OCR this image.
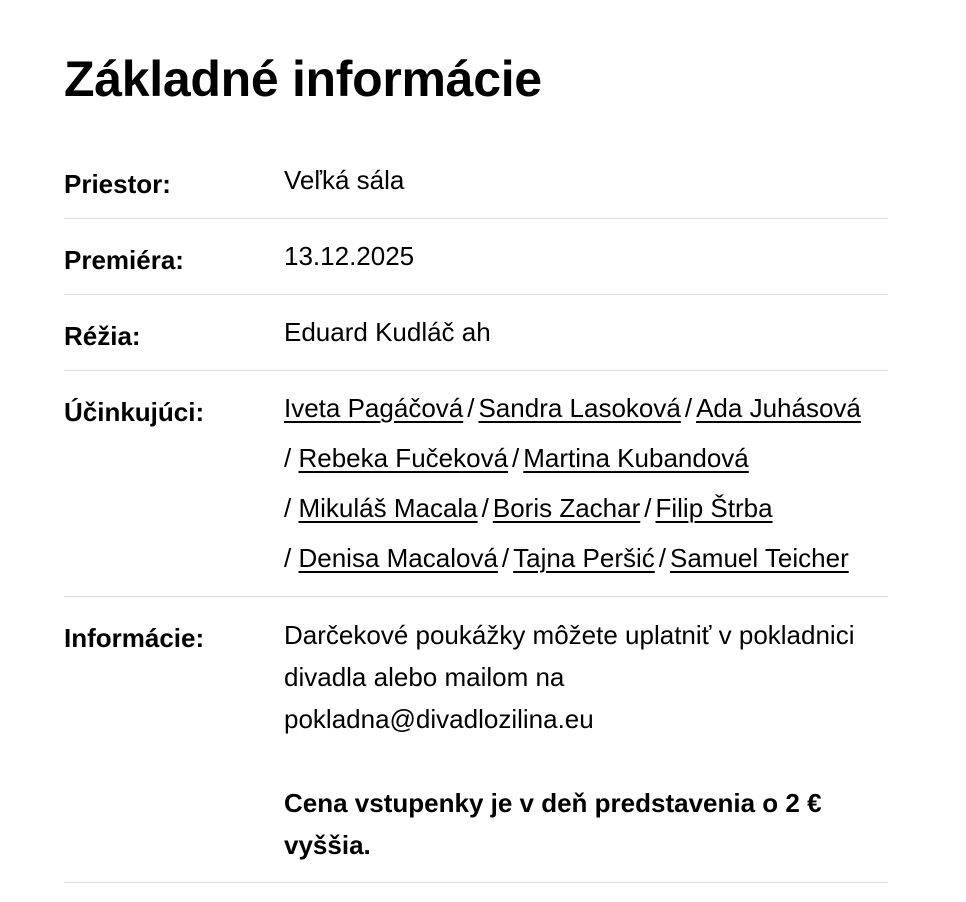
Základné informácie
Priestor:	Veľká sála
Premiéra:	13.12.2025
Réžia:	Eduard Kudláč ah
Účinkujúci:	Iveta Pagáčová / Sandra Lasoková / Ada Juhásová
/ Rebeka Fučeková / Martina Kubandová
/ Mikuláš Macala / Boris Zachar / Filip Štrba
/ Denisa Macalová / Tajna Peršić / Samuel Teicher
Informácie:	Darčekové poukážky môžete uplatniť v pokladnici
divadla alebo mailom na
pokladna@divadlozilina.eu
Cena vstupenky je v deň predstavenia o 2 €
vyššia.
